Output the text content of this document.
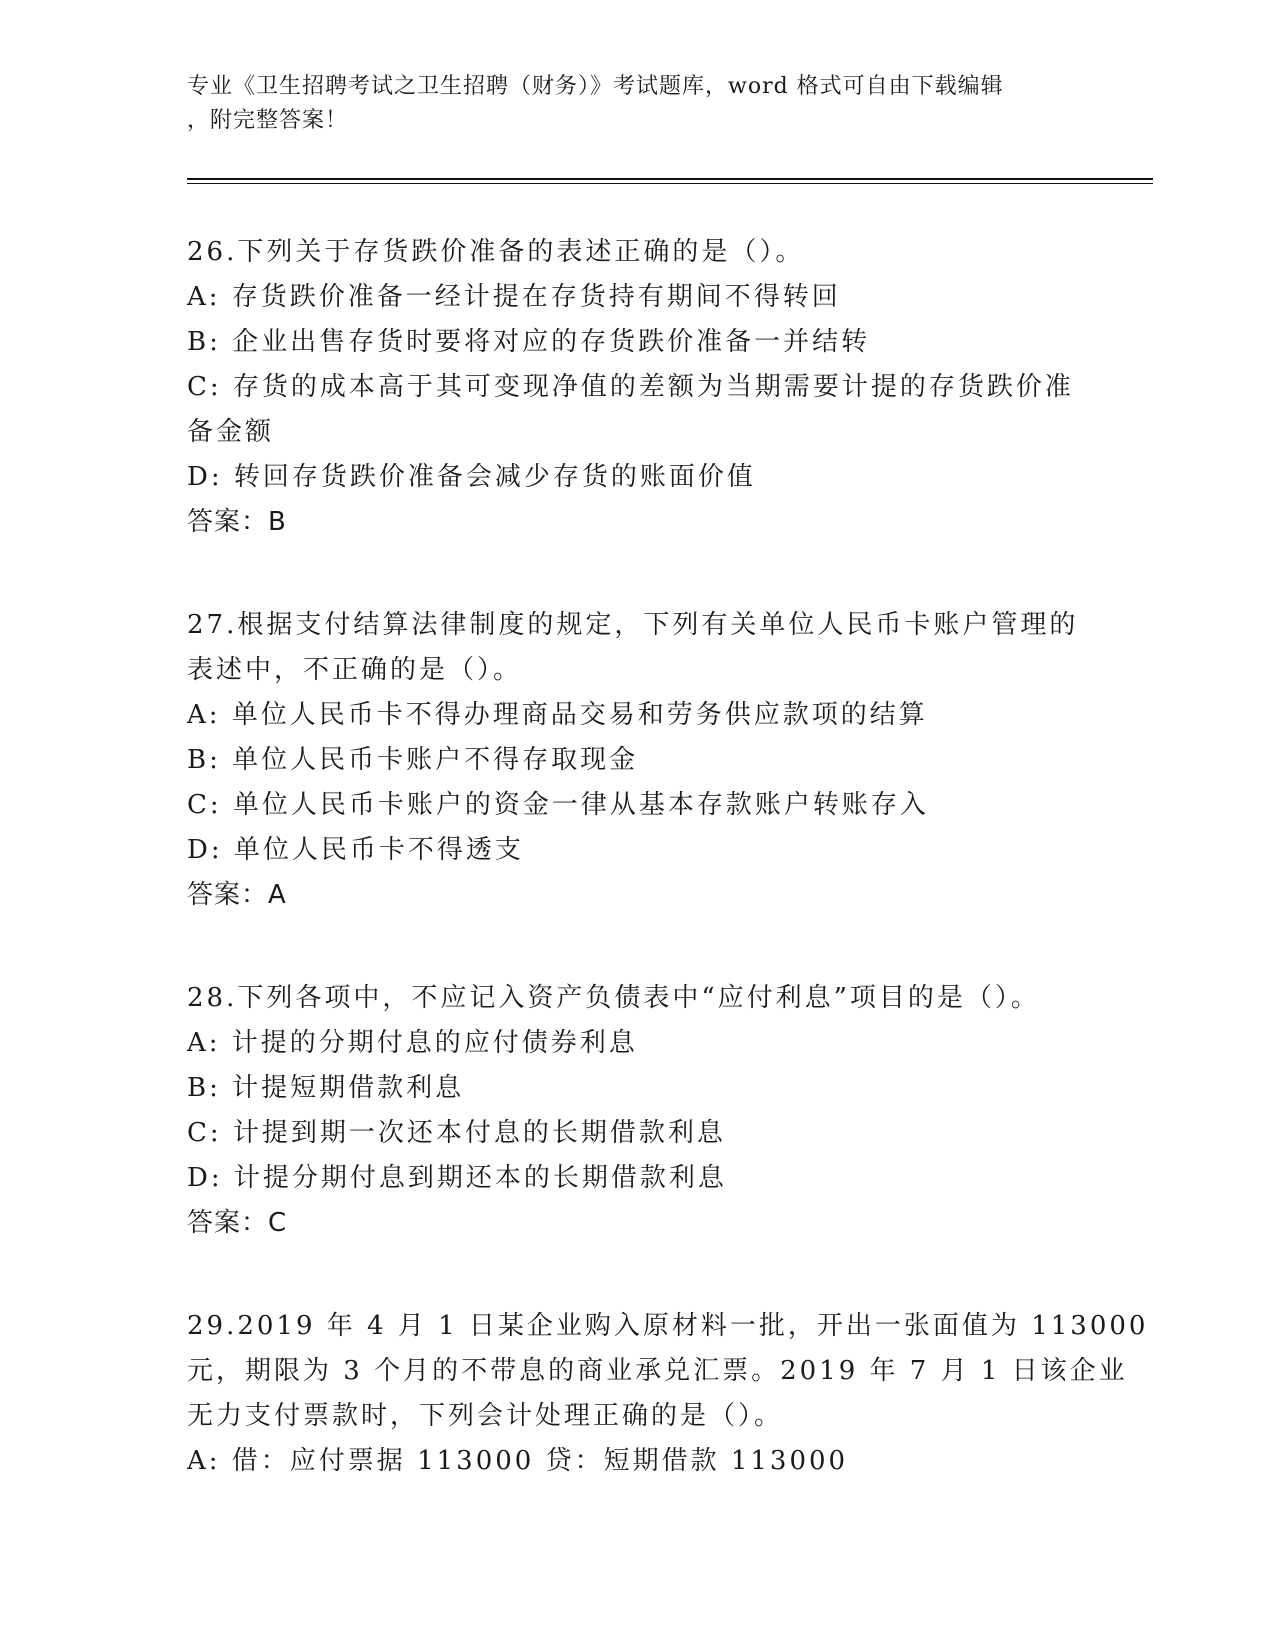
专业《卫生招聘考试之卫生招聘（财务）》考试题库，word 格式可自由下载编辑
，附完整答案！
26.下列关于存货跌价准备的表述正确的是（）。
A: 存货跌价准备一经计提在存货持有期间不得转回
B: 企业出售存货时要将对应的存货跌价准备一并结转
C: 存货的成本高于其可变现净值的差额为当期需要计提的存货跌价准
备金额
D: 转回存货跌价准备会减少存货的账面价值
答案：B
27.根据支付结算法律制度的规定，下列有关单位人民币卡账户管理的
表述中，不正确的是（）。
A: 单位人民币卡不得办理商品交易和劳务供应款项的结算
B: 单位人民币卡账户不得存取现金
C: 单位人民币卡账户的资金一律从基本存款账户转账存入
D: 单位人民币卡不得透支
答案：A
28.下列各项中，不应记入资产负债表中“应付利息”项目的是（）。
A: 计提的分期付息的应付债券利息
B: 计提短期借款利息
C: 计提到期一次还本付息的长期借款利息
D: 计提分期付息到期还本的长期借款利息
答案：C
29.2019 年 4 月 1 日某企业购入原材料一批，开出一张面值为 113000
元，期限为 3 个月的不带息的商业承兑汇票。2019 年 7 月 1 日该企业
无力支付票款时，下列会计处理正确的是（）。
A: 借：应付票据 113000 贷：短期借款 113000
